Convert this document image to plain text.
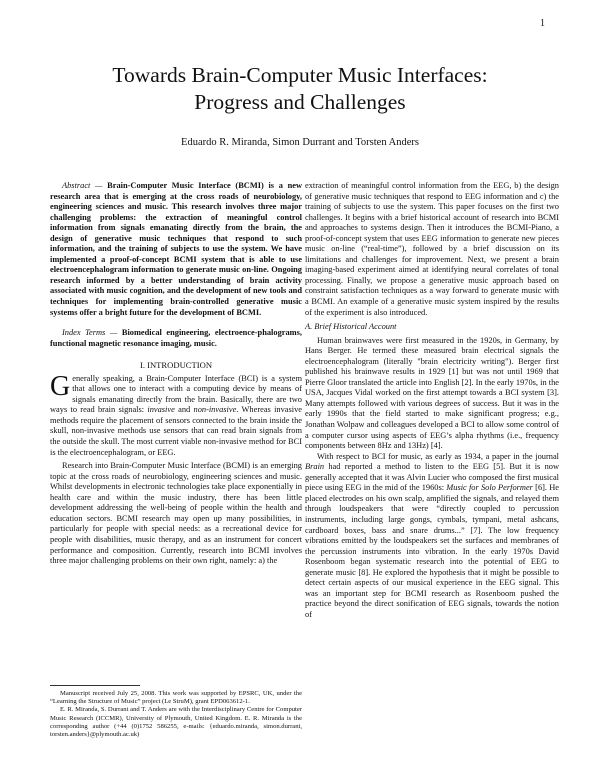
1
Towards Brain-Computer Music Interfaces:
Progress and Challenges
Eduardo R. Miranda, Simon Durrant and Torsten Anders

Abstract — Brain-Computer Music Interface (BCMI) is a new research area that is emerging at the cross roads of neurobiology, engineering sciences and music. This research involves three major challenging problems: the extraction of meaningful control information from signals emanating directly from the brain, the design of generative music techniques that respond to such information, and the training of subjects to use the system. We have implemented a proof-of-concept BCMI system that is able to use electroencephalogram information to generate music on-line. Ongoing research informed by a better understanding of brain activity associated with music cognition, and the development of new tools and techniques for implementing brain-controlled generative music systems offer a bright future for the development of BCMI.

Index Terms — Biomedical engineering, electroence-phalograms, functional magnetic resonance imaging, music.

I. INTRODUCTION

Generally speaking, a Brain-Computer Interface (BCI) is a system that allows one to interact with a computing device by means of signals emanating directly from the brain. Basically, there are two ways to read brain signals: invasive and non-invasive. Whereas invasive methods require the placement of sensors connected to the brain inside the skull, non-invasive methods use sensors that can read brain signals from the outside the skull. The most current viable non-invasive method for BCI is the electroencephalogram, or EEG.

Research into Brain-Computer Music Interface (BCMI) is an emerging topic at the cross roads of neurobiology, engineering sciences and music. Whilst developments in electronic technologies take place exponentially in health care and within the music industry, there has been little development addressing the well-being of people within the health and education sectors. BCMI research may open up many possibilities, in particularly for people with special needs: as a recreational device for people with disabilities, music therapy, and as an instrument for concert performance and composition. Currently, research into BCMI involves three major challenging problems on their own right, namely: a) the

Manuscript received July 25, 2008. This work was supported by EPSRC, UK, under the “Learning the Structure of Music” project (Le StruM), grant EPD063612-1.

E. R. Miranda, S. Durrant and T. Anders are with the Interdisciplinary Centre for Computer Music Research (ICCMR), University of Plymouth, United Kingdom. E. R. Miranda is the corresponding author (+44 (0)1752 586255, e-mails: {eduardo.miranda, simon.durrant, torsten.anders}@plymouth.ac.uk)

extraction of meaningful control information from the EEG, b) the design of generative music techniques that respond to EEG information and c) the training of subjects to use the system. This paper focuses on the first two challenges. It begins with a brief historical account of research into BCMI and approaches to systems design. Then it introduces the BCMI-Piano, a proof-of-concept system that uses EEG information to generate new pieces music on-line (“real-time”), followed by a brief discussion on its limitations and challenges for improvement. Next, we present a brain imaging-based experiment aimed at identifying neural correlates of tonal processing. Finally, we propose a generative music approach based on constraint satisfaction techniques as a way forward to generate music with a BCMI. An example of a generative music system inspired by the results of the experiment is also introduced.

A. Brief Historical Account

Human brainwaves were first measured in the 1920s, in Germany, by Hans Berger. He termed these measured brain electrical signals the electroencephalogram (literally "brain electricity writing"). Berger first published his brainwave results in 1929 [1] but was not until 1969 that Pierre Gloor translated the article into English [2]. In the early 1970s, in the USA, Jacques Vidal worked on the first attempt towards a BCI system [3]. Many attempts followed with various degrees of success. But it was in the early 1990s that the field started to make significant progress; e.g., Jonathan Wolpaw and colleagues developed a BCI to allow some control of a computer cursor using aspects of EEG’s alpha rhythms (i.e., frequency components between 8Hz and 13Hz) [4].

With respect to BCI for music, as early as 1934, a paper in the journal Brain had reported a method to listen to the EEG [5]. But it is now generally accepted that it was Alvin Lucier who composed the first musical piece using EEG in the mid of the 1960s: Music for Solo Performer [6]. He placed electrodes on his own scalp, amplified the signals, and relayed them through loudspeakers that were “directly coupled to percussion instruments, including large gongs, cymbals, tympani, metal ashcans, cardboard boxes, bass and snare drums...” [7]. The low frequency vibrations emitted by the loudspeakers set the surfaces and membranes of the percussion instruments into vibration. In the early 1970s David Rosenboom began systematic research into the potential of EEG to generate music [8]. He explored the hypothesis that it might be possible to detect certain aspects of our musical experience in the EEG signal. This was an important step for BCMI research as Rosenboom pushed the practice beyond the direct sonification of EEG signals, towards the notion of
